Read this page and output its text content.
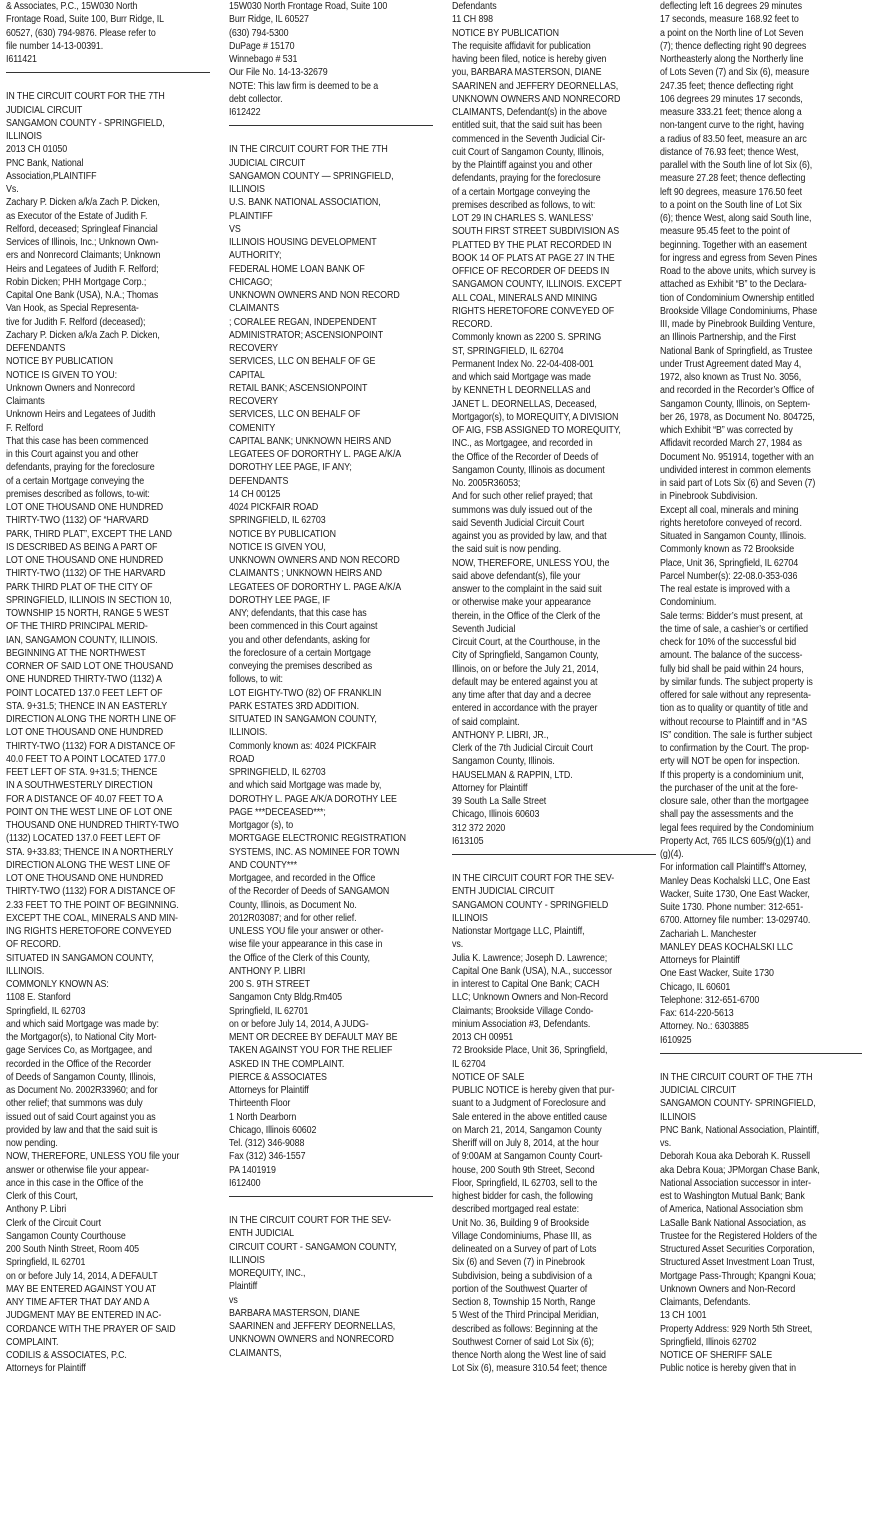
& Associates, P.C., 15W030 North
Frontage Road, Suite 100, Burr Ridge, IL
60527, (630) 794-9876. Please refer to
file number 14-13-00391.
I611421
IN THE CIRCUIT COURT FOR THE 7TH
JUDICIAL CIRCUIT
SANGAMON COUNTY - SPRINGFIELD,
ILLINOIS
2013 CH 01050
PNC Bank, National
Association,PLAINTIFF
Vs.
Zachary P. Dicken a/k/a Zach P. Dicken,
as Executor of the Estate of Judith F.
Relford, deceased; Springleaf Financial
Services of Illinois, Inc.; Unknown Own-
ers and Nonrecord Claimants; Unknown
Heirs and Legatees of Judith F. Relford;
Robin Dicken; PHH Mortgage Corp.;
Capital One Bank (USA), N.A.; Thomas
Van Hook, as Special Representa-
tive for Judith F. Relford (deceased);
Zachary P. Dicken a/k/a Zach P. Dicken,
DEFENDANTS
NOTICE BY PUBLICATION
NOTICE IS GIVEN TO YOU:
Unknown Owners and Nonrecord
Claimants
Unknown Heirs and Legatees of Judith
F. Relford
That this case has been commenced
in this Court against you and other
defendants, praying for the foreclosure
of a certain Mortgage conveying the
premises described as follows, to-wit:
LOT ONE THOUSAND ONE HUNDRED
THIRTY-TWO (1132) OF “HARVARD
PARK, THIRD PLAT”, EXCEPT THE LAND
IS DESCRIBED AS BEING A PART OF
LOT ONE THOUSAND ONE HUNDRED
THIRTY-TWO (1132) OF THE HARVARD
PARK THIRD PLAT OF THE CITY OF
SPRINGFIELD, ILLINOIS IN SECTION 10,
TOWNSHIP 15 NORTH, RANGE 5 WEST
OF THE THIRD PRINCIPAL MERID-
IAN, SANGAMON COUNTY, ILLINOIS.
BEGINNING AT THE NORTHWEST
CORNER OF SAID LOT ONE THOUSAND
ONE HUNDRED THIRTY-TWO (1132) A
POINT LOCATED 137.0 FEET LEFT OF
STA. 9+31.5; THENCE IN AN EASTERLY
DIRECTION ALONG THE NORTH LINE OF
LOT ONE THOUSAND ONE HUNDRED
THIRTY-TWO (1132) FOR A DISTANCE OF
40.0 FEET TO A POINT LOCATED 177.0
FEET LEFT OF STA. 9+31.5; THENCE
IN A SOUTHWESTERLY DIRECTION
FOR A DISTANCE OF 40.07 FEET TO A
POINT ON THE WEST LINE OF LOT ONE
THOUSAND ONE HUNDRED THIRTY-TWO
(1132) LOCATED 137.0 FEET LEFT OF
STA. 9+33.83; THENCE IN A NORTHERLY
DIRECTION ALONG THE WEST LINE OF
LOT ONE THOUSAND ONE HUNDRED
THIRTY-TWO (1132) FOR A DISTANCE OF
2.33 FEET TO THE POINT OF BEGINNING.
EXCEPT THE COAL, MINERALS AND MIN-
ING RIGHTS HERETOFORE CONVEYED
OF RECORD.
SITUATED IN SANGAMON COUNTY,
ILLINOIS.
COMMONLY KNOWN AS:
1108 E. Stanford
Springfield, IL 62703
and which said Mortgage was made by:
the Mortgagor(s), to National City Mort-
gage Services Co, as Mortgagee, and
recorded in the Office of the Recorder
of Deeds of Sangamon County, Illinois,
as Document No. 2002R33960; and for
other relief; that summons was duly
issued out of said Court against you as
provided by law and that the said suit is
now pending.
NOW, THEREFORE, UNLESS YOU file your
answer or otherwise file your appear-
ance in this case in the Office of the
Clerk of this Court,
Anthony P. Libri
Clerk of the Circuit Court
Sangamon County Courthouse
200 South Ninth Street, Room 405
Springfield, IL 62701
on or before July 14, 2014, A DEFAULT
MAY BE ENTERED AGAINST YOU AT
ANY TIME AFTER THAT DAY AND A
JUDGMENT MAY BE ENTERED IN AC-
CORDANCE WITH THE PRAYER OF SAID
COMPLAINT.
CODILIS & ASSOCIATES, P.C.
Attorneys for Plaintiff
15W030 North Frontage Road, Suite 100
Burr Ridge, IL 60527
(630) 794-5300
DuPage # 15170
Winnebago # 531
Our File No. 14-13-32679
NOTE: This law firm is deemed to be a
debt collector.
I612422
IN THE CIRCUIT COURT FOR THE 7TH
JUDICIAL CIRCUIT
SANGAMON COUNTY — SPRINGFIELD,
ILLINOIS
U.S. BANK NATIONAL ASSOCIATION,
PLAINTIFF
VS
ILLINOIS HOUSING DEVELOPMENT
AUTHORITY;
FEDERAL HOME LOAN BANK OF
CHICAGO;
UNKNOWN OWNERS AND NON RECORD
CLAIMANTS
; CORALEE REGAN, INDEPENDENT
ADMINISTRATOR; ASCENSIONPOINT
RECOVERY
SERVICES, LLC ON BEHALF OF GE
CAPITAL
RETAIL BANK; ASCENSIONPOINT
RECOVERY
SERVICES, LLC ON BEHALF OF
COMENITY
CAPITAL BANK; UNKNOWN HEIRS AND
LEGATEES OF DORORTHY L. PAGE A/K/A
DOROTHY LEE PAGE, IF ANY;
DEFENDANTS
14 CH 00125
4024 PICKFAIR ROAD
SPRINGFIELD, IL 62703
NOTICE BY PUBLICATION
NOTICE IS GIVEN YOU,
UNKNOWN OWNERS AND NON RECORD
CLAIMANTS ; UNKNOWN HEIRS AND
LEGATEES OF DORORTHY L. PAGE A/K/A
DOROTHY LEE PAGE, IF
ANY; defendants, that this case has
been commenced in this Court against
you and other defendants, asking for
the foreclosure of a certain Mortgage
conveying the premises described as
follows, to wit:
LOT EIGHTY-TWO (82) OF FRANKLIN
PARK ESTATES 3RD ADDITION.
SITUATED IN SANGAMON COUNTY,
ILLINOIS.
Commonly known as: 4024 PICKFAIR
ROAD
SPRINGFIELD, IL 62703
and which said Mortgage was made by,
DOROTHY L. PAGE A/K/A DOROTHY LEE
PAGE ***DECEASED***;
Mortgagor (s), to
MORTGAGE ELECTRONIC REGISTRATION
SYSTEMS, INC. AS NOMINEE FOR TOWN
AND COUNTY***
Mortgagee, and recorded in the Office
of the Recorder of Deeds of SANGAMON
County, Illinois, as Document No.
2012R03087; and for other relief.
UNLESS YOU file your answer or other-
wise file your appearance in this case in
the Office of the Clerk of this County,
ANTHONY P. LIBRI
200 S. 9TH STREET
Sangamon Cnty Bldg.Rm405
Springfield, IL 62701
on or before July 14, 2014, A JUDG-
MENT OR DECREE BY DEFAULT MAY BE
TAKEN AGAINST YOU FOR THE RELIEF
ASKED IN THE COMPLAINT.
PIERCE & ASSOCIATES
Attorneys for Plaintiff
Thirteenth Floor
1 North Dearborn
Chicago, Illinois 60602
Tel. (312) 346-9088
Fax (312) 346-1557
PA 1401919
I612400
IN THE CIRCUIT COURT FOR THE SEV-
ENTH JUDICIAL
CIRCUIT COURT - SANGAMON COUNTY,
ILLINOIS
MOREQUITY, INC.,
Plaintiff
vs
BARBARA MASTERSON, DIANE
SAARINEN and JEFFERY DEORNELLAS,
UNKNOWN OWNERS and NONRECORD
CLAIMANTS,
Defendants
11 CH 898
NOTICE BY PUBLICATION
The requisite affidavit for publication
having been filed, notice is hereby given
you, BARBARA MASTERSON, DIANE
SAARINEN and JEFFERY DEORNELLAS,
UNKNOWN OWNERS AND NONRECORD
CLAIMANTS, Defendant(s) in the above
entitled suit, that the said suit has been
commenced in the Seventh Judicial Cir-
cuit Court of Sangamon County, Illinois,
by the Plaintiff against you and other
defendants, praying for the foreclosure
of a certain Mortgage conveying the
premises described as follows, to wit:
LOT 29 IN CHARLES S. WANLESS’
SOUTH FIRST STREET SUBDIVISION AS
PLATTED BY THE PLAT RECORDED IN
BOOK 14 OF PLATS AT PAGE 27 IN THE
OFFICE OF RECORDER OF DEEDS IN
SANGAMON COUNTY, ILLINOIS. EXCEPT
ALL COAL, MINERALS AND MINING
RIGHTS HERETOFORE CONVEYED OF
RECORD.
Commonly known as 2200 S. SPRING
ST, SPRINGFIELD, IL 62704
Permanent Index No. 22-04-408-001
and which said Mortgage was made
by KENNETH L DEORNELLAS and
JANET L. DEORNELLAS, Deceased,
Mortgagor(s), to MOREQUITY, A DIVISION
OF AIG, FSB ASSIGNED TO MOREQUITY,
INC., as Mortgagee, and recorded in
the Office of the Recorder of Deeds of
Sangamon County, Illinois as document
No. 2005R36053;
And for such other relief prayed; that
summons was duly issued out of the
said Seventh Judicial Circuit Court
against you as provided by law, and that
the said suit is now pending.
NOW, THEREFORE, UNLESS YOU, the
said above defendant(s), file your
answer to the complaint in the said suit
or otherwise make your appearance
therein, in the Office of the Clerk of the
Seventh Judicial
Circuit Court, at the Courthouse, in the
City of Springfield, Sangamon County,
Illinois, on or before the July 21, 2014,
default may be entered against you at
any time after that day and a decree
entered in accordance with the prayer
of said complaint.
ANTHONY P. LIBRI, JR.,
Clerk of the 7th Judicial Circuit Court
Sangamon County, Illinois.
HAUSELMAN & RAPPIN, LTD.
Attorney for Plaintiff
39 South La Salle Street
Chicago, Illinois 60603
312 372 2020
I613105
IN THE CIRCUIT COURT FOR THE SEV-
ENTH JUDICIAL CIRCUIT
SANGAMON COUNTY - SPRINGFIELD
ILLINOIS
Nationstar Mortgage LLC, Plaintiff,
vs.
Julia K. Lawrence; Joseph D. Lawrence;
Capital One Bank (USA), N.A., successor
in interest to Capital One Bank; CACH
LLC; Unknown Owners and Non-Record
Claimants; Brookside Village Condo-
minium Association #3, Defendants.
2013 CH 00951
72 Brookside Place, Unit 36, Springfield,
IL 62704
NOTICE OF SALE
PUBLIC NOTICE is hereby given that pur-
suant to a Judgment of Foreclosure and
Sale entered in the above entitled cause
on March 21, 2014, Sangamon County
Sheriff will on July 8, 2014, at the hour
of 9:00AM at Sangamon County Court-
house, 200 South 9th Street, Second
Floor, Springfield, IL 62703, sell to the
highest bidder for cash, the following
described mortgaged real estate:
Unit No. 36, Building 9 of Brookside
Village Condominiums, Phase III, as
delineated on a Survey of part of Lots
Six (6) and Seven (7) in Pinebrook
Subdivision, being a subdivision of a
portion of the Southwest Quarter of
Section 8, Township 15 North, Range
5 West of the Third Principal Meridian,
described as follows: Beginning at the
Southwest Corner of said Lot Six (6);
thence North along the West line of said
Lot Six (6), measure 310.54 feet; thence
deflecting left 16 degrees 29 minutes
17 seconds, measure 168.92 feet to
a point on the North line of Lot Seven
(7); thence deflecting right 90 degrees
Northeasterly along the Northerly line
of Lots Seven (7) and Six (6), measure
247.35 feet; thence deflecting right
106 degrees 29 minutes 17 seconds,
measure 333.21 feet; thence along a
non-tangent curve to the right, having
a radius of 83.50 feet, measure an arc
distance of 76.93 feet; thence West,
parallel with the South line of lot Six (6),
measure 27.28 feet; thence deflecting
left 90 degrees, measure 176.50 feet
to a point on the South line of Lot Six
(6); thence West, along said South line,
measure 95.45 feet to the point of
beginning. Together with an easement
for ingress and egress from Seven Pines
Road to the above units, which survey is
attached as Exhibit “B” to the Declara-
tion of Condominium Ownership entitled
Brookside Village Condominiums, Phase
III, made by Pinebrook Building Venture,
an Illinois Partnership, and the First
National Bank of Springfield, as Trustee
under Trust Agreement dated May 4,
1972, also known as Trust No. 3056,
and recorded in the Recorder’s Office of
Sangamon County, Illinois, on Septem-
ber 26, 1978, as Document No. 804725,
which Exhibit “B” was corrected by
Affidavit recorded March 27, 1984 as
Document No. 951914, together with an
undivided interest in common elements
in said part of Lots Six (6) and Seven (7)
in Pinebrook Subdivision.
Except all coal, minerals and mining
rights heretofore conveyed of record.
Situated in Sangamon County, Illinois.
Commonly known as 72 Brookside
Place, Unit 36, Springfield, IL 62704
Parcel Number(s): 22-08.0-353-036
The real estate is improved with a
Condominium.
Sale terms: Bidder’s must present, at
the time of sale, a cashier’s or certified
check for 10% of the successful bid
amount. The balance of the success-
fully bid shall be paid within 24 hours,
by similar funds. The subject property is
offered for sale without any representa-
tion as to quality or quantity of title and
without recourse to Plaintiff and in “AS
IS” condition. The sale is further subject
to confirmation by the Court. The prop-
erty will NOT be open for inspection.
If this property is a condominium unit,
the purchaser of the unit at the fore-
closure sale, other than the mortgagee
shall pay the assessments and the
legal fees required by the Condominium
Property Act, 765 ILCS 605/9(g)(1) and
(g)(4).
For information call Plaintiff’s Attorney,
Manley Deas Kochalski LLC, One East
Wacker, Suite 1730, One East Wacker,
Suite 1730. Phone number: 312-651-
6700. Attorney file number: 13-029740.
Zachariah L. Manchester
MANLEY DEAS KOCHALSKI LLC
Attorneys for Plaintiff
One East Wacker, Suite 1730
Chicago, IL 60601
Telephone: 312-651-6700
Fax: 614-220-5613
Attorney. No.: 6303885
I610925
IN THE CIRCUIT COURT OF THE 7TH
JUDICIAL CIRCUIT
SANGAMON COUNTY- SPRINGFIELD,
ILLINOIS
PNC Bank, National Association, Plaintiff,
vs.
Deborah Koua aka Deborah K. Russell
aka Debra Koua; JPMorgan Chase Bank,
National Association successor in inter-
est to Washington Mutual Bank; Bank
of America, National Association sbm
LaSalle Bank National Association, as
Trustee for the Registered Holders of the
Structured Asset Securities Corporation,
Structured Asset Investment Loan Trust,
Mortgage Pass-Through; Kpangni Koua;
Unknown Owners and Non-Record
Claimants, Defendants.
13 CH 1001
Property Address: 929 North 5th Street,
Springfield, Illinois 62702
NOTICE OF SHERIFF SALE
Public notice is hereby given that in
